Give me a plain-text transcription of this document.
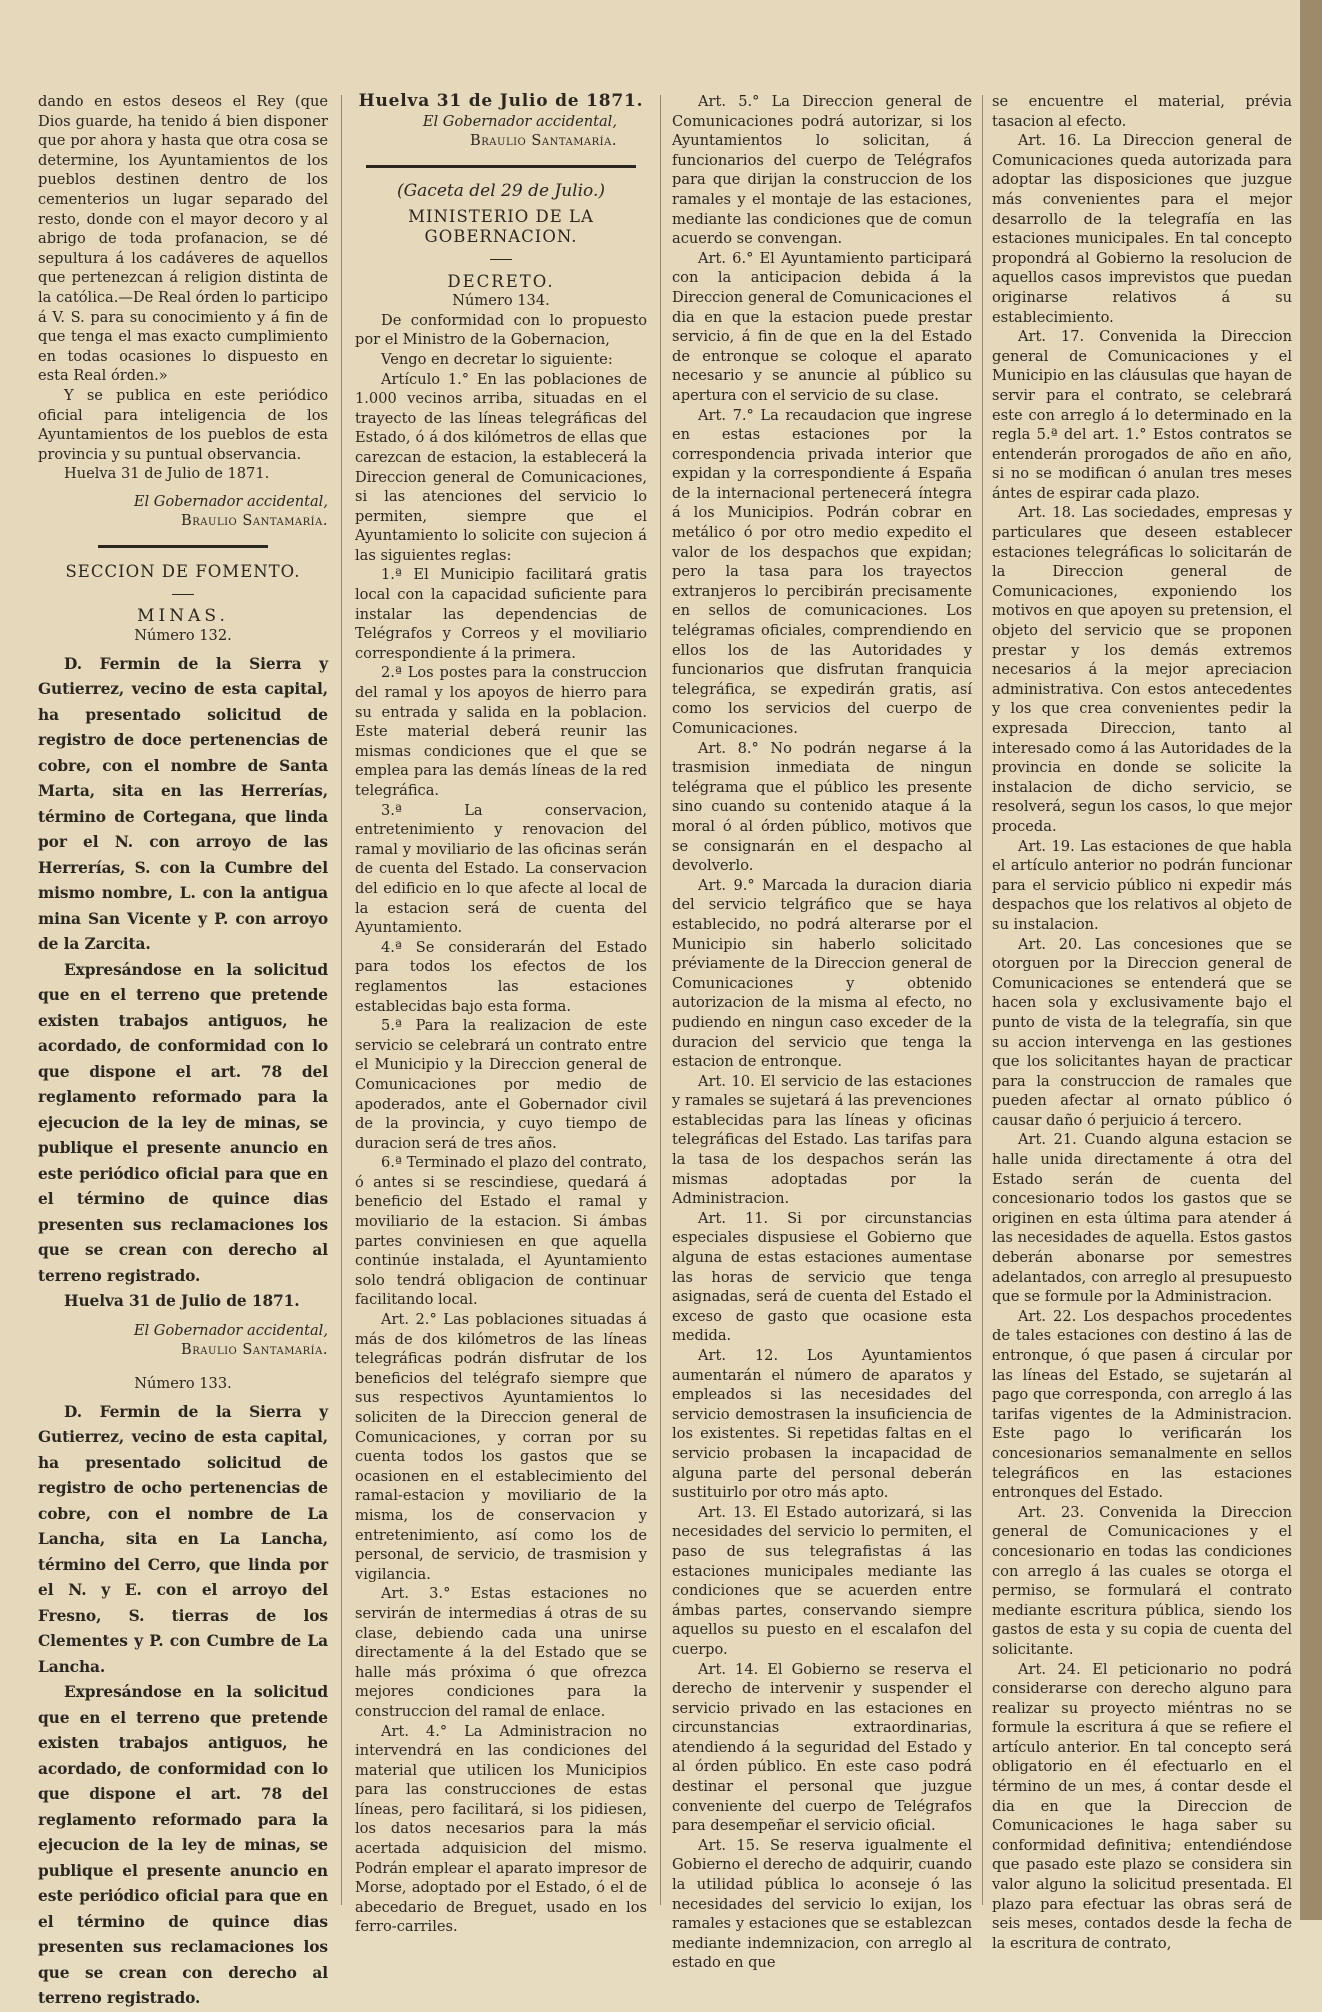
dando en estos deseos el Rey (que Dios guarde, ha tenido á bien disponer que por ahora y hasta que otra cosa se determine, los Ayuntamientos de los pueblos destinen dentro de los cementerios un lugar separado del resto, donde con el mayor decoro y al abrigo de toda profanacion, se dé sepultura á los cadáveres de aquellos que pertenezcan á religion distinta de la católica.—De Real órden lo participo á V. S. para su conocimiento y á fin de que tenga el mas exacto cumplimiento en todas ocasiones lo dispuesto en esta Real órden.»

Y se publica en este periódico oficial para inteligencia de los Ayuntamientos de los pueblos de esta provincia y su puntual observancia.

Huelva 31 de Julio de 1871.

El Gobernador accidental,

Braulio Santamaría.

SECCION DE FOMENTO.

MINAS.

Número 132.

D. Fermin de la Sierra y Gutierrez, vecino de esta capital, ha presentado solicitud de registro de doce pertenencias de cobre, con el nombre de Santa Marta, sita en las Herrerías, término de Cortegana, que linda por el N. con arroyo de las Herrerías, S. con la Cumbre del mismo nombre, L. con la antigua mina San Vicente y P. con arroyo de la Zarcita.

Expresándose en la solicitud que en el terreno que pretende existen trabajos antiguos, he acordado, de conformidad con lo que dispone el art. 78 del reglamento reformado para la ejecucion de la ley de minas, se publique el presente anuncio en este periódico oficial para que en el término de quince dias presenten sus reclamaciones los que se crean con derecho al terreno registrado.

Huelva 31 de Julio de 1871.

El Gobernador accidental,

Braulio Santamaría.

Número 133.

D. Fermin de la Sierra y Gutierrez, vecino de esta capital, ha presentado solicitud de registro de ocho pertenencias de cobre, con el nombre de La Lancha, sita en La Lancha, término del Cerro, que linda por el N. y E. con el arroyo del Fresno, S. tierras de los Clementes y P. con Cumbre de La Lancha.

Expresándose en la solicitud que en el terreno que pretende existen trabajos antiguos, he acordado, de conformidad con lo que dispone el art. 78 del reglamento reformado para la ejecucion de la ley de minas, se publique el presente anuncio en este periódico oficial para que en el término de quince dias presenten sus reclamaciones los que se crean con derecho al terreno registrado.

Huelva 31 de Julio de 1871.

El Gobernador accidental,

Braulio Santamaría.

(Gaceta del 29 de Julio.)

MINISTERIO DE LA GOBERNACION.

DECRETO.

Número 134.

De conformidad con lo propuesto por el Ministro de la Gobernacion,

Vengo en decretar lo siguiente:

Artículo 1.° En las poblaciones de 1.000 vecinos arriba, situadas en el trayecto de las líneas telegráficas del Estado, ó á dos kilómetros de ellas que carezcan de estacion, la establecerá la Direccion general de Comunicaciones, si las atenciones del servicio lo permiten, siempre que el Ayuntamiento lo solicite con sujecion á las siguientes reglas:

1.ª El Municipio facilitará gratis local con la capacidad suficiente para instalar las dependencias de Telégrafos y Correos y el moviliario correspondiente á la primera.

2.ª Los postes para la construccion del ramal y los apoyos de hierro para su entrada y salida en la poblacion. Este material deberá reunir las mismas condiciones que el que se emplea para las demás líneas de la red telegráfica.

3.ª La conservacion, entretenimiento y renovacion del ramal y moviliario de las oficinas serán de cuenta del Estado. La conservacion del edificio en lo que afecte al local de la estacion será de cuenta del Ayuntamiento.

4.ª Se considerarán del Estado para todos los efectos de los reglamentos las estaciones establecidas bajo esta forma.

5.ª Para la realizacion de este servicio se celebrará un contrato entre el Municipio y la Direccion general de Comunicaciones por medio de apoderados, ante el Gobernador civil de la provincia, y cuyo tiempo de duracion será de tres años.

6.ª Terminado el plazo del contrato, ó antes si se rescindiese, quedará á beneficio del Estado el ramal y moviliario de la estacion. Si ámbas partes conviniesen en que aquella continúe instalada, el Ayuntamiento solo tendrá obligacion de continuar facilitando local.

Art. 2.° Las poblaciones situadas á más de dos kilómetros de las líneas telegráficas podrán disfrutar de los beneficios del telégrafo siempre que sus respectivos Ayuntamientos lo soliciten de la Direccion general de Comunicaciones, y corran por su cuenta todos los gastos que se ocasionen en el establecimiento del ramal-estacion y moviliario de la misma, los de conservacion y entretenimiento, así como los de personal, de servicio, de trasmision y vigilancia.

Art. 3.° Estas estaciones no servirán de intermedias á otras de su clase, debiendo cada una unirse directamente á la del Estado que se halle más próxima ó que ofrezca mejores condiciones para la construccion del ramal de enlace.

Art. 4.° La Administracion no intervendrá en las condiciones del material que utilicen los Municipios para las construcciones de estas líneas, pero facilitará, si los pidiesen, los datos necesarios para la más acertada adquisicion del mismo. Podrán emplear el aparato impresor de Morse, adoptado por el Estado, ó el de abecedario de Breguet, usado en los ferro-carriles.

Art. 5.° La Direccion general de Comunicaciones podrá autorizar, si los Ayuntamientos lo solicitan, á funcionarios del cuerpo de Telégrafos para que dirijan la construccion de los ramales y el montaje de las estaciones, mediante las condiciones que de comun acuerdo se convengan.

Art. 6.° El Ayuntamiento participará con la anticipacion debida á la Direccion general de Comunicaciones el dia en que la estacion puede prestar servicio, á fin de que en la del Estado de entronque se coloque el aparato necesario y se anuncie al público su apertura con el servicio de su clase.

Art. 7.° La recaudacion que ingrese en estas estaciones por la correspondencia privada interior que expidan y la correspondiente á España de la internacional pertenecerá íntegra á los Municipios. Podrán cobrar en metálico ó por otro medio expedito el valor de los despachos que expidan; pero la tasa para los trayectos extranjeros lo percibirán precisamente en sellos de comunicaciones. Los telégramas oficiales, comprendiendo en ellos los de las Autoridades y funcionarios que disfrutan franquicia telegráfica, se expedirán gratis, así como los servicios del cuerpo de Comunicaciones.

Art. 8.° No podrán negarse á la trasmision inmediata de ningun telégrama que el público les presente sino cuando su contenido ataque á la moral ó al órden público, motivos que se consignarán en el despacho al devolverlo.

Art. 9.° Marcada la duracion diaria del servicio telgráfico que se haya establecido, no podrá alterarse por el Municipio sin haberlo solicitado préviamente de la Direccion general de Comunicaciones y obtenido autorizacion de la misma al efecto, no pudiendo en ningun caso exceder de la duracion del servicio que tenga la estacion de entronque.

Art. 10. El servicio de las estaciones y ramales se sujetará á las prevenciones establecidas para las líneas y oficinas telegráficas del Estado. Las tarifas para la tasa de los despachos serán las mismas adoptadas por la Administracion.

Art. 11. Si por circunstancias especiales dispusiese el Gobierno que alguna de estas estaciones aumentase las horas de servicio que tenga asignadas, será de cuenta del Estado el exceso de gasto que ocasione esta medida.

Art. 12. Los Ayuntamientos aumentarán el número de aparatos y empleados si las necesidades del servicio demostrasen la insuficiencia de los existentes. Si repetidas faltas en el servicio probasen la incapacidad de alguna parte del personal deberán sustituirlo por otro más apto.

Art. 13. El Estado autorizará, si las necesidades del servicio lo permiten, el paso de sus telegrafistas á las estaciones municipales mediante las condiciones que se acuerden entre ámbas partes, conservando siempre aquellos su puesto en el escalafon del cuerpo.

Art. 14. El Gobierno se reserva el derecho de intervenir y suspender el servicio privado en las estaciones en circunstancias extraordinarias, atendiendo á la seguridad del Estado y al órden público. En este caso podrá destinar el personal que juzgue conveniente del cuerpo de Telégrafos para desempeñar el servicio oficial.

Art. 15. Se reserva igualmente el Gobierno el derecho de adquirir, cuando la utilidad pública lo aconseje ó las necesidades del servicio lo exijan, los ramales y estaciones que se establezcan mediante indemnizacion, con arreglo al estado en que

se encuentre el material, prévia tasacion al efecto.

Art. 16. La Direccion general de Comunicaciones queda autorizada para adoptar las disposiciones que juzgue más convenientes para el mejor desarrollo de la telegrafía en las estaciones municipales. En tal concepto propondrá al Gobierno la resolucion de aquellos casos imprevistos que puedan originarse relativos á su establecimiento.

Art. 17. Convenida la Direccion general de Comunicaciones y el Municipio en las cláusulas que hayan de servir para el contrato, se celebrará este con arreglo á lo determinado en la regla 5.ª del art. 1.° Estos contratos se entenderán prorogados de año en año, si no se modifican ó anulan tres meses ántes de espirar cada plazo.

Art. 18. Las sociedades, empresas y particulares que deseen establecer estaciones telegráficas lo solicitarán de la Direccion general de Comunicaciones, exponiendo los motivos en que apoyen su pretension, el objeto del servicio que se proponen prestar y los demás extremos necesarios á la mejor apreciacion administrativa. Con estos antecedentes y los que crea convenientes pedir la expresada Direccion, tanto al interesado como á las Autoridades de la provincia en donde se solicite la instalacion de dicho servicio, se resolverá, segun los casos, lo que mejor proceda.

Art. 19. Las estaciones de que habla el artículo anterior no podrán funcionar para el servicio público ni expedir más despachos que los relativos al objeto de su instalacion.

Art. 20. Las concesiones que se otorguen por la Direccion general de Comunicaciones se entenderá que se hacen sola y exclusivamente bajo el punto de vista de la telegrafía, sin que su accion intervenga en las gestiones que los solicitantes hayan de practicar para la construccion de ramales que pueden afectar al ornato público ó causar daño ó perjuicio á tercero.

Art. 21. Cuando alguna estacion se halle unida directamente á otra del Estado serán de cuenta del concesionario todos los gastos que se originen en esta última para atender á las necesidades de aquella. Estos gastos deberán abonarse por semestres adelantados, con arreglo al presupuesto que se formule por la Administracion.

Art. 22. Los despachos procedentes de tales estaciones con destino á las de entronque, ó que pasen á circular por las líneas del Estado, se sujetarán al pago que corresponda, con arreglo á las tarifas vigentes de la Administracion. Este pago lo verificarán los concesionarios semanalmente en sellos telegráficos en las estaciones entronques del Estado.

Art. 23. Convenida la Direccion general de Comunicaciones y el concesionario en todas las condiciones con arreglo á las cuales se otorga el permiso, se formulará el contrato mediante escritura pública, siendo los gastos de esta y su copia de cuenta del solicitante.

Art. 24. El peticionario no podrá considerarse con derecho alguno para realizar su proyecto miéntras no se formule la escritura á que se refiere el artículo anterior. En tal concepto será obligatorio en él efectuarlo en el término de un mes, á contar desde el dia en que la Direccion de Comunicaciones le haga saber su conformidad definitiva; entendiéndose que pasado este plazo se considera sin valor alguno la solicitud presentada. El plazo para efectuar las obras será de seis meses, contados desde la fecha de la escritura de contrato,
